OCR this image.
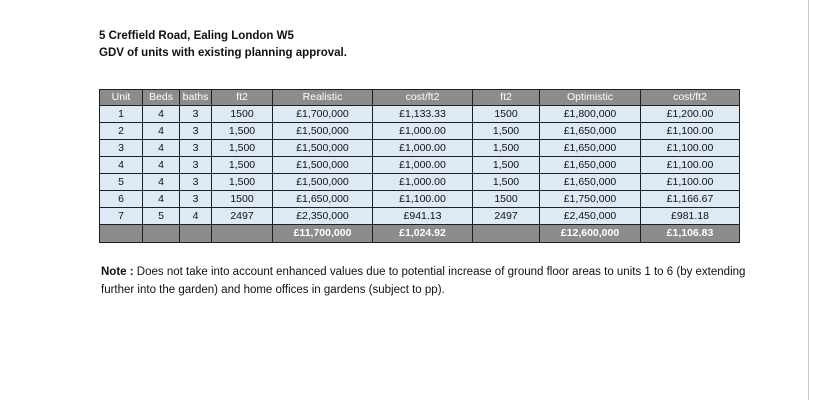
5 Creffield Road, Ealing London W5
GDV of units with existing planning approval.
Unit	Beds	baths	ft2	Realistic	cost/ft2	ft2	Optimistic	cost/ft2
1	4	3	1500	£1,700,000	£1,133.33	1500	£1,800,000	£1,200.00
2	4	3	1,500	£1,500,000	£1,000.00	1,500	£1,650,000	£1,100.00
3	4	3	1,500	£1,500,000	£1,000.00	1,500	£1,650,000	£1,100.00
4	4	3	1,500	£1,500,000	£1,000.00	1,500	£1,650,000	£1,100.00
5	4	3	1,500	£1,500,000	£1,000.00	1,500	£1,650,000	£1,100.00
6	4	3	1500	£1,650,000	£1,100.00	1500	£1,750,000	£1,166.67
7	5	4	2497	£2,350,000	£941.13	2497	£2,450,000	£981.18
				£11,700,000	£1,024.92		£12,600,000	£1,106.83
Note : Does not take into account enhanced values due to potential increase of ground floor areas to units 1 to 6 (by extending further into the garden) and home offices in gardens (subject to pp).
